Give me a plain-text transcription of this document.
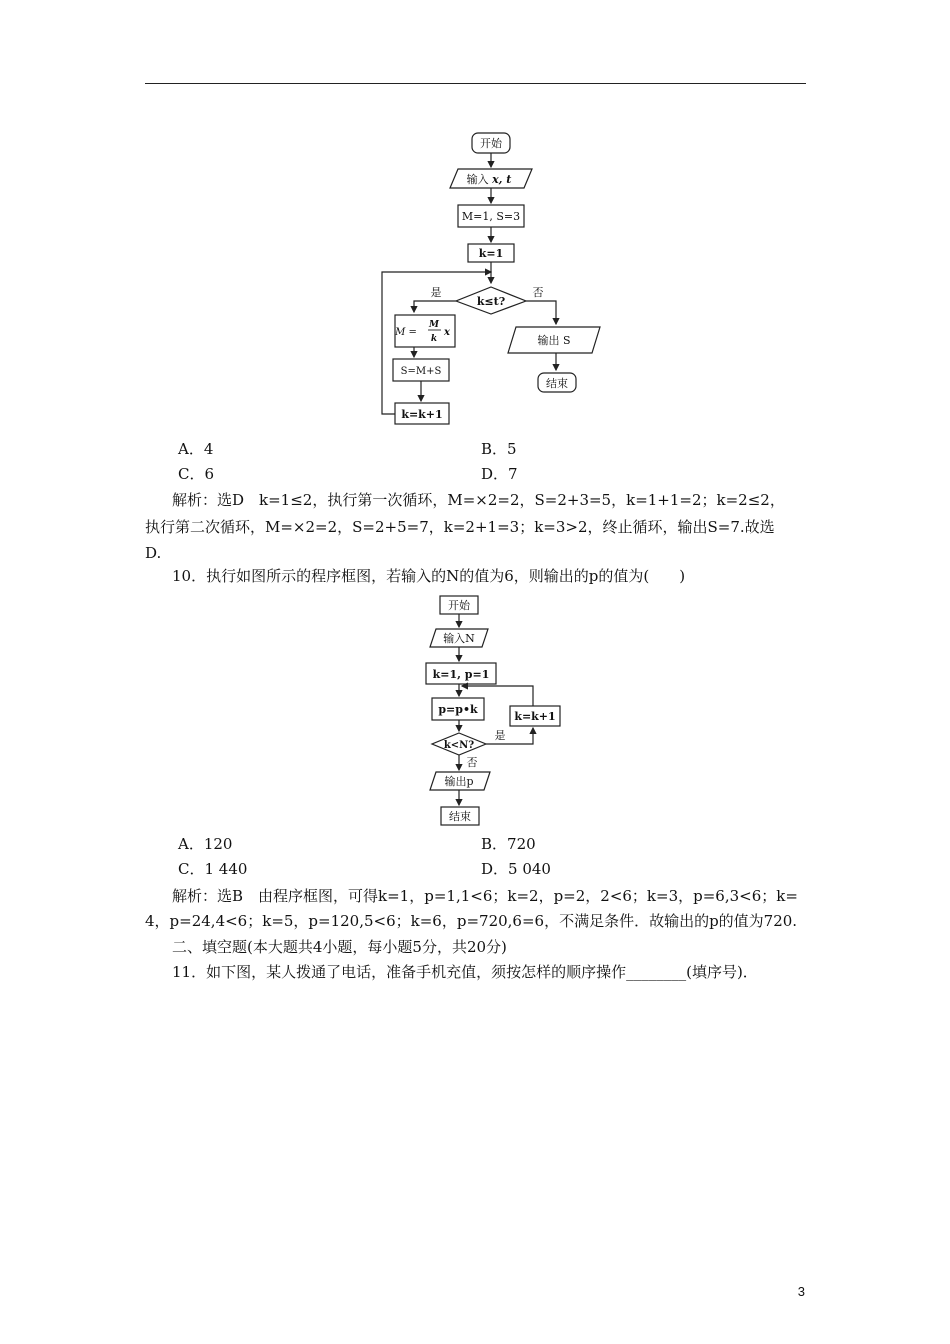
开始
输入 x, t
M=1, S=3
k=1
k≤t?
是	否
M =
M
k
x
S=M+S
k=k+1
输出 S
结束
A．4	B．5
C．6	D．7
解析：选D　k=1≤2，执行第一次循环，M=×2=2，S=2+3=5，k=1+1=2；k=2≤2，
执行第二次循环，M=×2=2，S=2+5=7，k=2+1=3；k=3>2，终止循环，输出S=7.故选
D.
10．执行如图所示的程序框图，若输入的N的值为6，则输出的p的值为(　　)
开始
输入N
k=1, p=1
p=p•k
k<N?
是
k=k+1
否
输出p
结束
A．120	B．720
C．1 440	D．5 040
解析：选B　由程序框图，可得k=1，p=1,1<6；k=2，p=2，2<6；k=3，p=6,3<6；k=
4，p=24,4<6；k=5，p=120,5<6；k=6，p=720,6=6，不满足条件．故输出的p的值为720.
二、填空题(本大题共4小题，每小题5分，共20分)
11．如下图，某人拨通了电话，准备手机充值，须按怎样的顺序操作________(填序号)．
3
